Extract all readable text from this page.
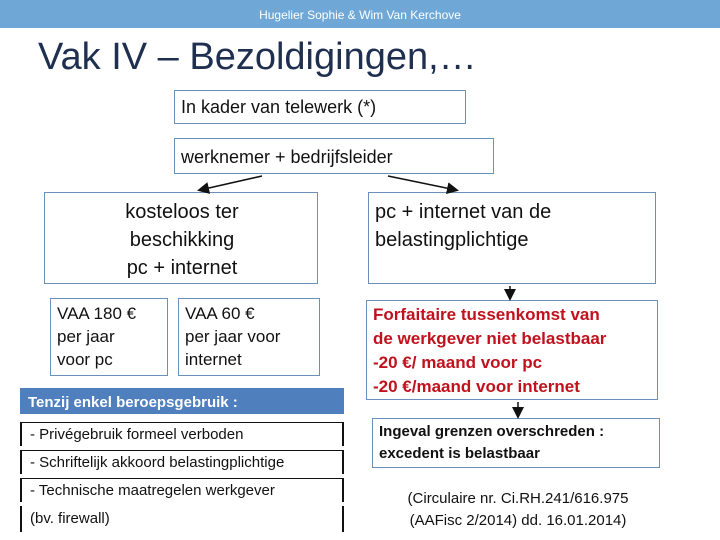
Hugelier Sophie & Wim Van Kerchove
Vak IV – Bezoldigingen,…
In kader van telewerk (*)
werknemer + bedrijfsleider
kosteloos ter
beschikking
pc + internet
pc + internet van de
belastingplichtige
VAA 180 €
per jaar
voor pc
VAA 60 €
per jaar voor
internet
Forfaitaire tussenkomst van
de werkgever niet belastbaar
-20 €/ maand voor pc
-20 €/maand voor internet
Ingeval grenzen overschreden :
excedent is belastbaar
Tenzij enkel beroepsgebruik :
- Privégebruik formeel verboden
- Schriftelijk akkoord belastingplichtige
- Technische maatregelen werkgever
(bv. firewall)
(Circulaire nr. Ci.RH.241/616.975
(AAFisc 2/2014) dd. 16.01.2014)
